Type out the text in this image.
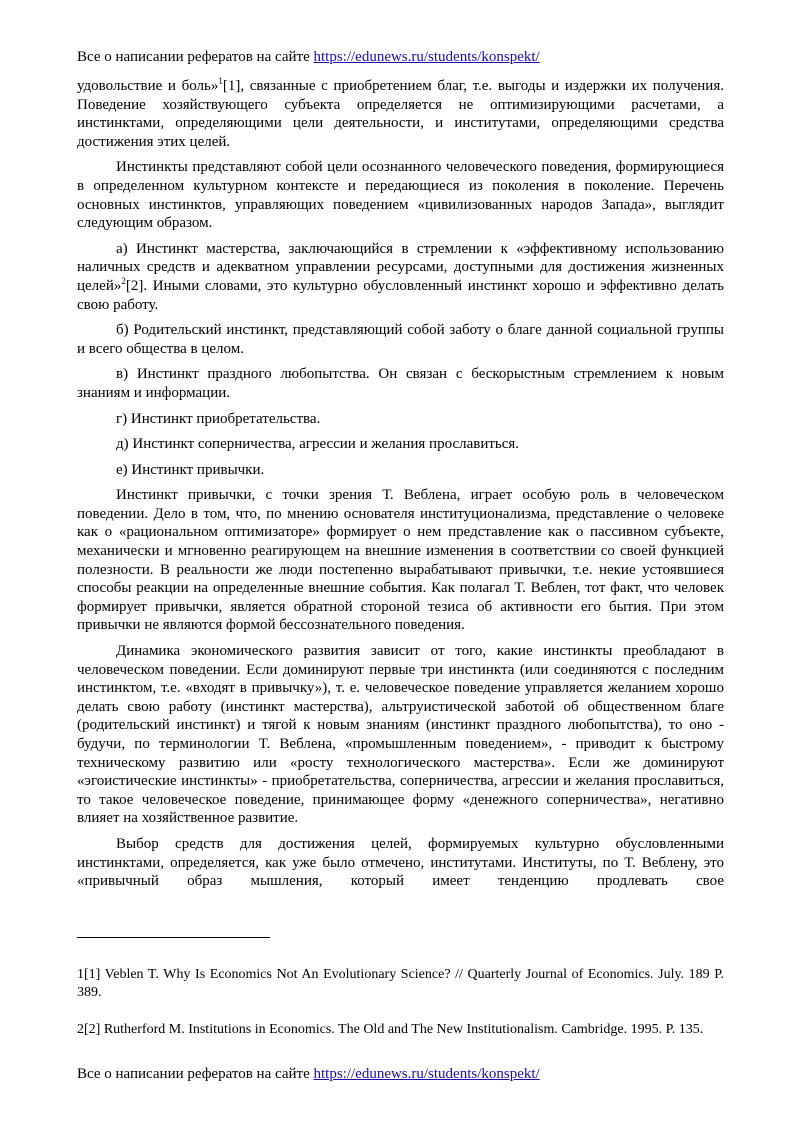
Все о написании рефератов на сайте https://edunews.ru/students/konspekt/

удовольствие и боль»$^1$[1], связанные с приобретением благ, т.е. выгоды и издержки их получения. Поведение хозяйствующего субъекта определяется не оптимизирующими расчетами, а инстинктами, определяющими цели деятельности, и институтами, определяющими средства достижения этих целей.

Инстинкты представляют собой цели осознанного человеческого поведения, формирующиеся в определенном культурном контексте и передающиеся из поколения в поколение. Перечень основных инстинктов, управляющих поведением «цивилизованных народов Запада», выглядит следующим образом.

а) Инстинкт мастерства, заключающийся в стремлении к «эффективному использованию наличных средств и адекватном управлении ресурсами, доступными для достижения жизненных целей»$^2$[2]. Иными словами, это культурно обусловленный инстинкт хорошо и эффективно делать свою работу.

б) Родительский инстинкт, представляющий собой заботу о благе данной социальной группы и всего общества в целом.

в) Инстинкт праздного любопытства. Он связан с бескорыстным стремлением к новым знаниям и информации.

г) Инстинкт приобретательства.

д) Инстинкт соперничества, агрессии и желания прославиться.

е) Инстинкт привычки.

Инстинкт привычки, с точки зрения Т. Веблена, играет особую роль в человеческом поведении. Дело в том, что, по мнению основателя институционализма, представление о человеке как о «рациональном оптимизаторе» формирует о нем представление как о пассивном субъекте, механически и мгновенно реагирующем на внешние изменения в соответствии со своей функцией полезности. В реальности же люди постепенно вырабатывают привычки, т.е. некие устоявшиеся способы реакции на определенные внешние события. Как полагал Т. Веблен, тот факт, что человек формирует привычки, является обратной стороной тезиса об активности его бытия. При этом привычки не являются формой бессознательного поведения.

Динамика экономического развития зависит от того, какие инстинкты преобладают в человеческом поведении. Если доминируют первые три инстинкта (или соединяются с последним инстинктом, т.е. «входят в привычку»), т. е. человеческое поведение управляется желанием хорошо делать свою работу (инстинкт мастерства), альтруистической заботой об общественном благе (родительский инстинкт) и тягой к новым знаниям (инстинкт праздного любопытства), то оно - будучи, по терминологии Т. Веблена, «промышленным поведением», - приводит к быстрому техническому развитию или «росту технологического мастерства». Если же доминируют «эгоистические инстинкты» - приобретательства, соперничества, агрессии и желания прославиться, то такое человеческое поведение, принимающее форму «денежного соперничества», негативно влияет на хозяйственное развитие.

Выбор средств для достижения целей, формируемых культурно обусловленными инстинктами, определяется, как уже было отмечено, институтами. Институты, по Т. Веблену, это «привычный образ мышления, который имеет тенденцию продлевать свое

1[1] Veblen T. Why Is Economics Not An Evolutionary Science? // Quarterly Journal of Economics. July. 189 P. 389.
2[2] Rutherford M. Institutions in Economics. The Old and The New Institutionalism. Cambridge. 1995. P. 135.
Все о написании рефератов на сайте https://edunews.ru/students/konspekt/
